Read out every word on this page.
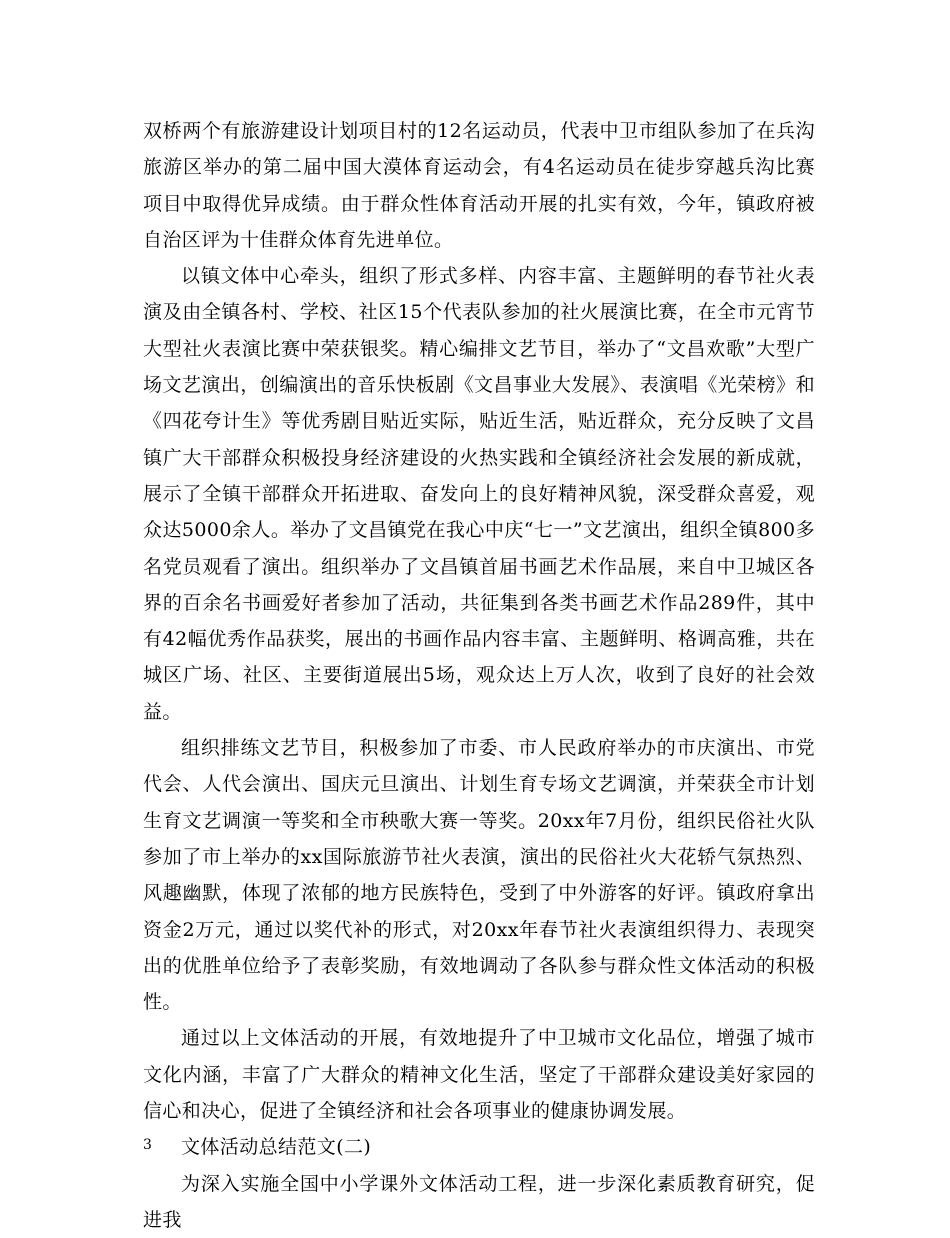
双桥两个有旅游建设计划项目村的12名运动员，代表中卫市组队参加了在兵沟旅游区举办的第二届中国大漠体育运动会，有4名运动员在徒步穿越兵沟比赛项目中取得优异成绩。由于群众性体育活动开展的扎实有效，今年，镇政府被自治区评为十佳群众体育先进单位。

以镇文体中心牵头，组织了形式多样、内容丰富、主题鲜明的春节社火表演及由全镇各村、学校、社区15个代表队参加的社火展演比赛，在全市元宵节大型社火表演比赛中荣获银奖。精心编排文艺节目，举办了“文昌欢歌”大型广场文艺演出，创编演出的音乐快板剧《文昌事业大发展》、表演唱《光荣榜》和《四花夸计生》等优秀剧目贴近实际，贴近生活，贴近群众，充分反映了文昌镇广大干部群众积极投身经济建设的火热实践和全镇经济社会发展的新成就，展示了全镇干部群众开拓进取、奋发向上的良好精神风貌，深受群众喜爱，观众达5000余人。举办了文昌镇党在我心中庆“七一”文艺演出，组织全镇800多名党员观看了演出。组织举办了文昌镇首届书画艺术作品展，来自中卫城区各界的百余名书画爱好者参加了活动，共征集到各类书画艺术作品289件，其中有42幅优秀作品获奖，展出的书画作品内容丰富、主题鲜明、格调高雅，共在城区广场、社区、主要街道展出5场，观众达上万人次，收到了良好的社会效益。

组织排练文艺节目，积极参加了市委、市人民政府举办的市庆演出、市党代会、人代会演出、国庆元旦演出、计划生育专场文艺调演，并荣获全市计划生育文艺调演一等奖和全市秧歌大赛一等奖。20xx年7月份，组织民俗社火队参加了市上举办的xx国际旅游节社火表演，演出的民俗社火大花轿气氛热烈、风趣幽默，体现了浓郁的地方民族特色，受到了中外游客的好评。镇政府拿出资金2万元，通过以奖代补的形式，对20xx年春节社火表演组织得力、表现突出的优胜单位给予了表彰奖励，有效地调动了各队参与群众性文体活动的积极性。

通过以上文体活动的开展，有效地提升了中卫城市文化品位，增强了城市文化内涵，丰富了广大群众的精神文化生活，坚定了干部群众建设美好家园的信心和决心，促进了全镇经济和社会各项事业的健康协调发展。

文体活动总结范文(二)

为深入实施全国中小学课外文体活动工程，进一步深化素质教育研究，促进我

3
